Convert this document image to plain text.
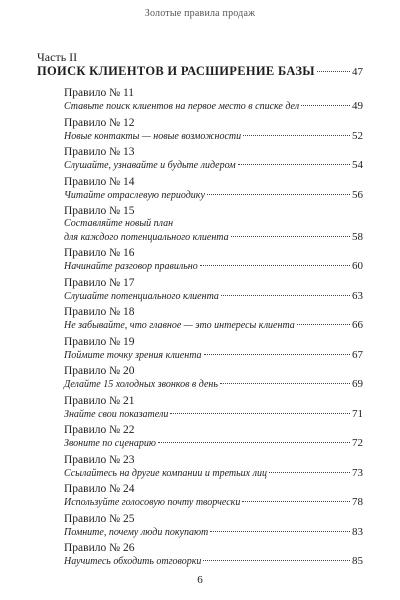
Золотые правила продаж

Часть II

ПОИСК КЛИЕНТОВ И РАСШИРЕНИЕ БАЗЫ	47
Правило № 11
Ставьте поиск клиентов на первое место в списке дел	49
Правило № 12
Новые контакты — новые возможности	52
Правило № 13
Слушайте, узнавайте и будьте лидером	54
Правило № 14
Читайте отраслевую периодику	56
Правило № 15
Составляйте новый план
для каждого потенциального клиента	58
Правило № 16
Начинайте разговор правильно	60
Правило № 17
Слушайте потенциального клиента	63
Правило № 18
Не забывайте, что главное — это интересы клиента	66
Правило № 19
Поймите точку зрения клиента	67
Правило № 20
Делайте 15 холодных звонков в день	69
Правило № 21
Знайте свои показатели	71
Правило № 22
Звоните по сценарию	72
Правило № 23
Ссылайтесь на другие компании и третьих лиц	73
Правило № 24
Используйте голосовую почту творчески	78
Правило № 25
Помните, почему люди покупают	83
Правило № 26
Научитесь обходить отговорки	85
6
